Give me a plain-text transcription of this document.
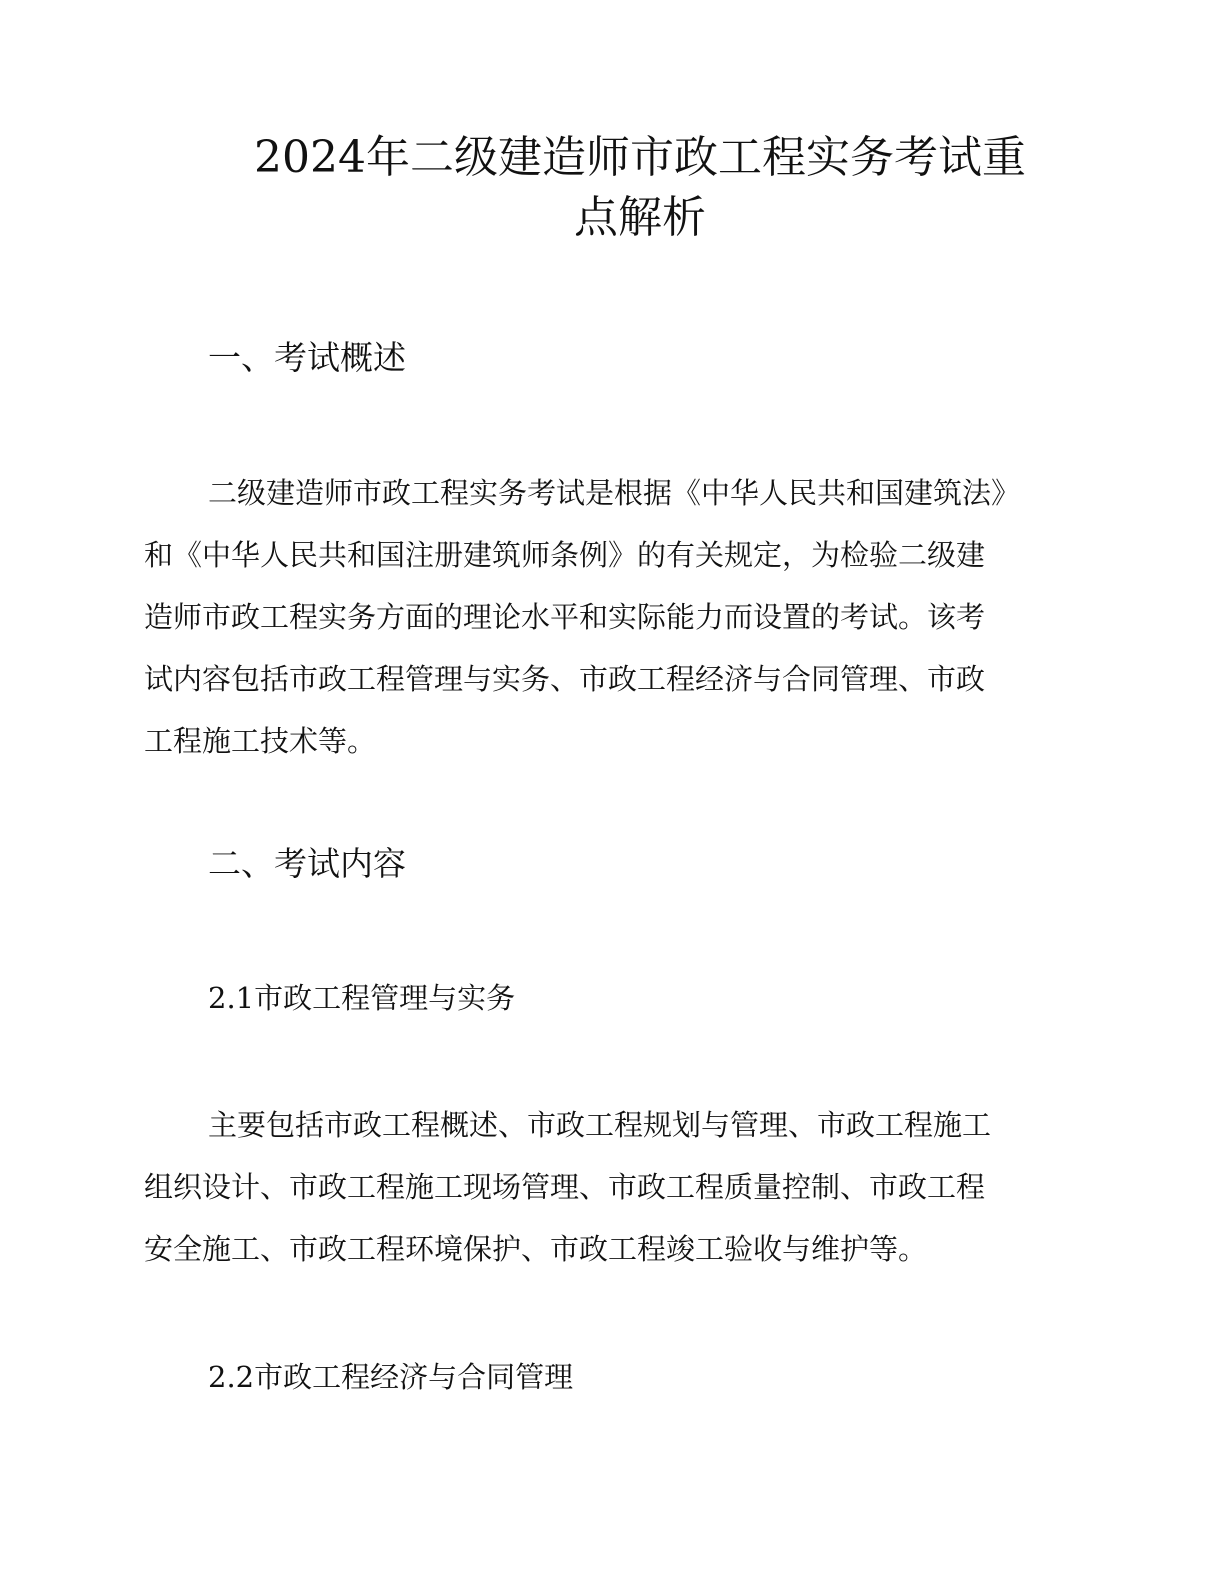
2024年二级建造师市政工程实务考试重
点解析
一、考试概述
二级建造师市政工程实务考试是根据《中华人民共和国建筑法》
和《中华人民共和国注册建筑师条例》的有关规定，为检验二级建
造师市政工程实务方面的理论水平和实际能力而设置的考试。该考
试内容包括市政工程管理与实务、市政工程经济与合同管理、市政
工程施工技术等。
二、考试内容
2.1市政工程管理与实务
主要包括市政工程概述、市政工程规划与管理、市政工程施工
组织设计、市政工程施工现场管理、市政工程质量控制、市政工程
安全施工、市政工程环境保护、市政工程竣工验收与维护等。
2.2市政工程经济与合同管理
